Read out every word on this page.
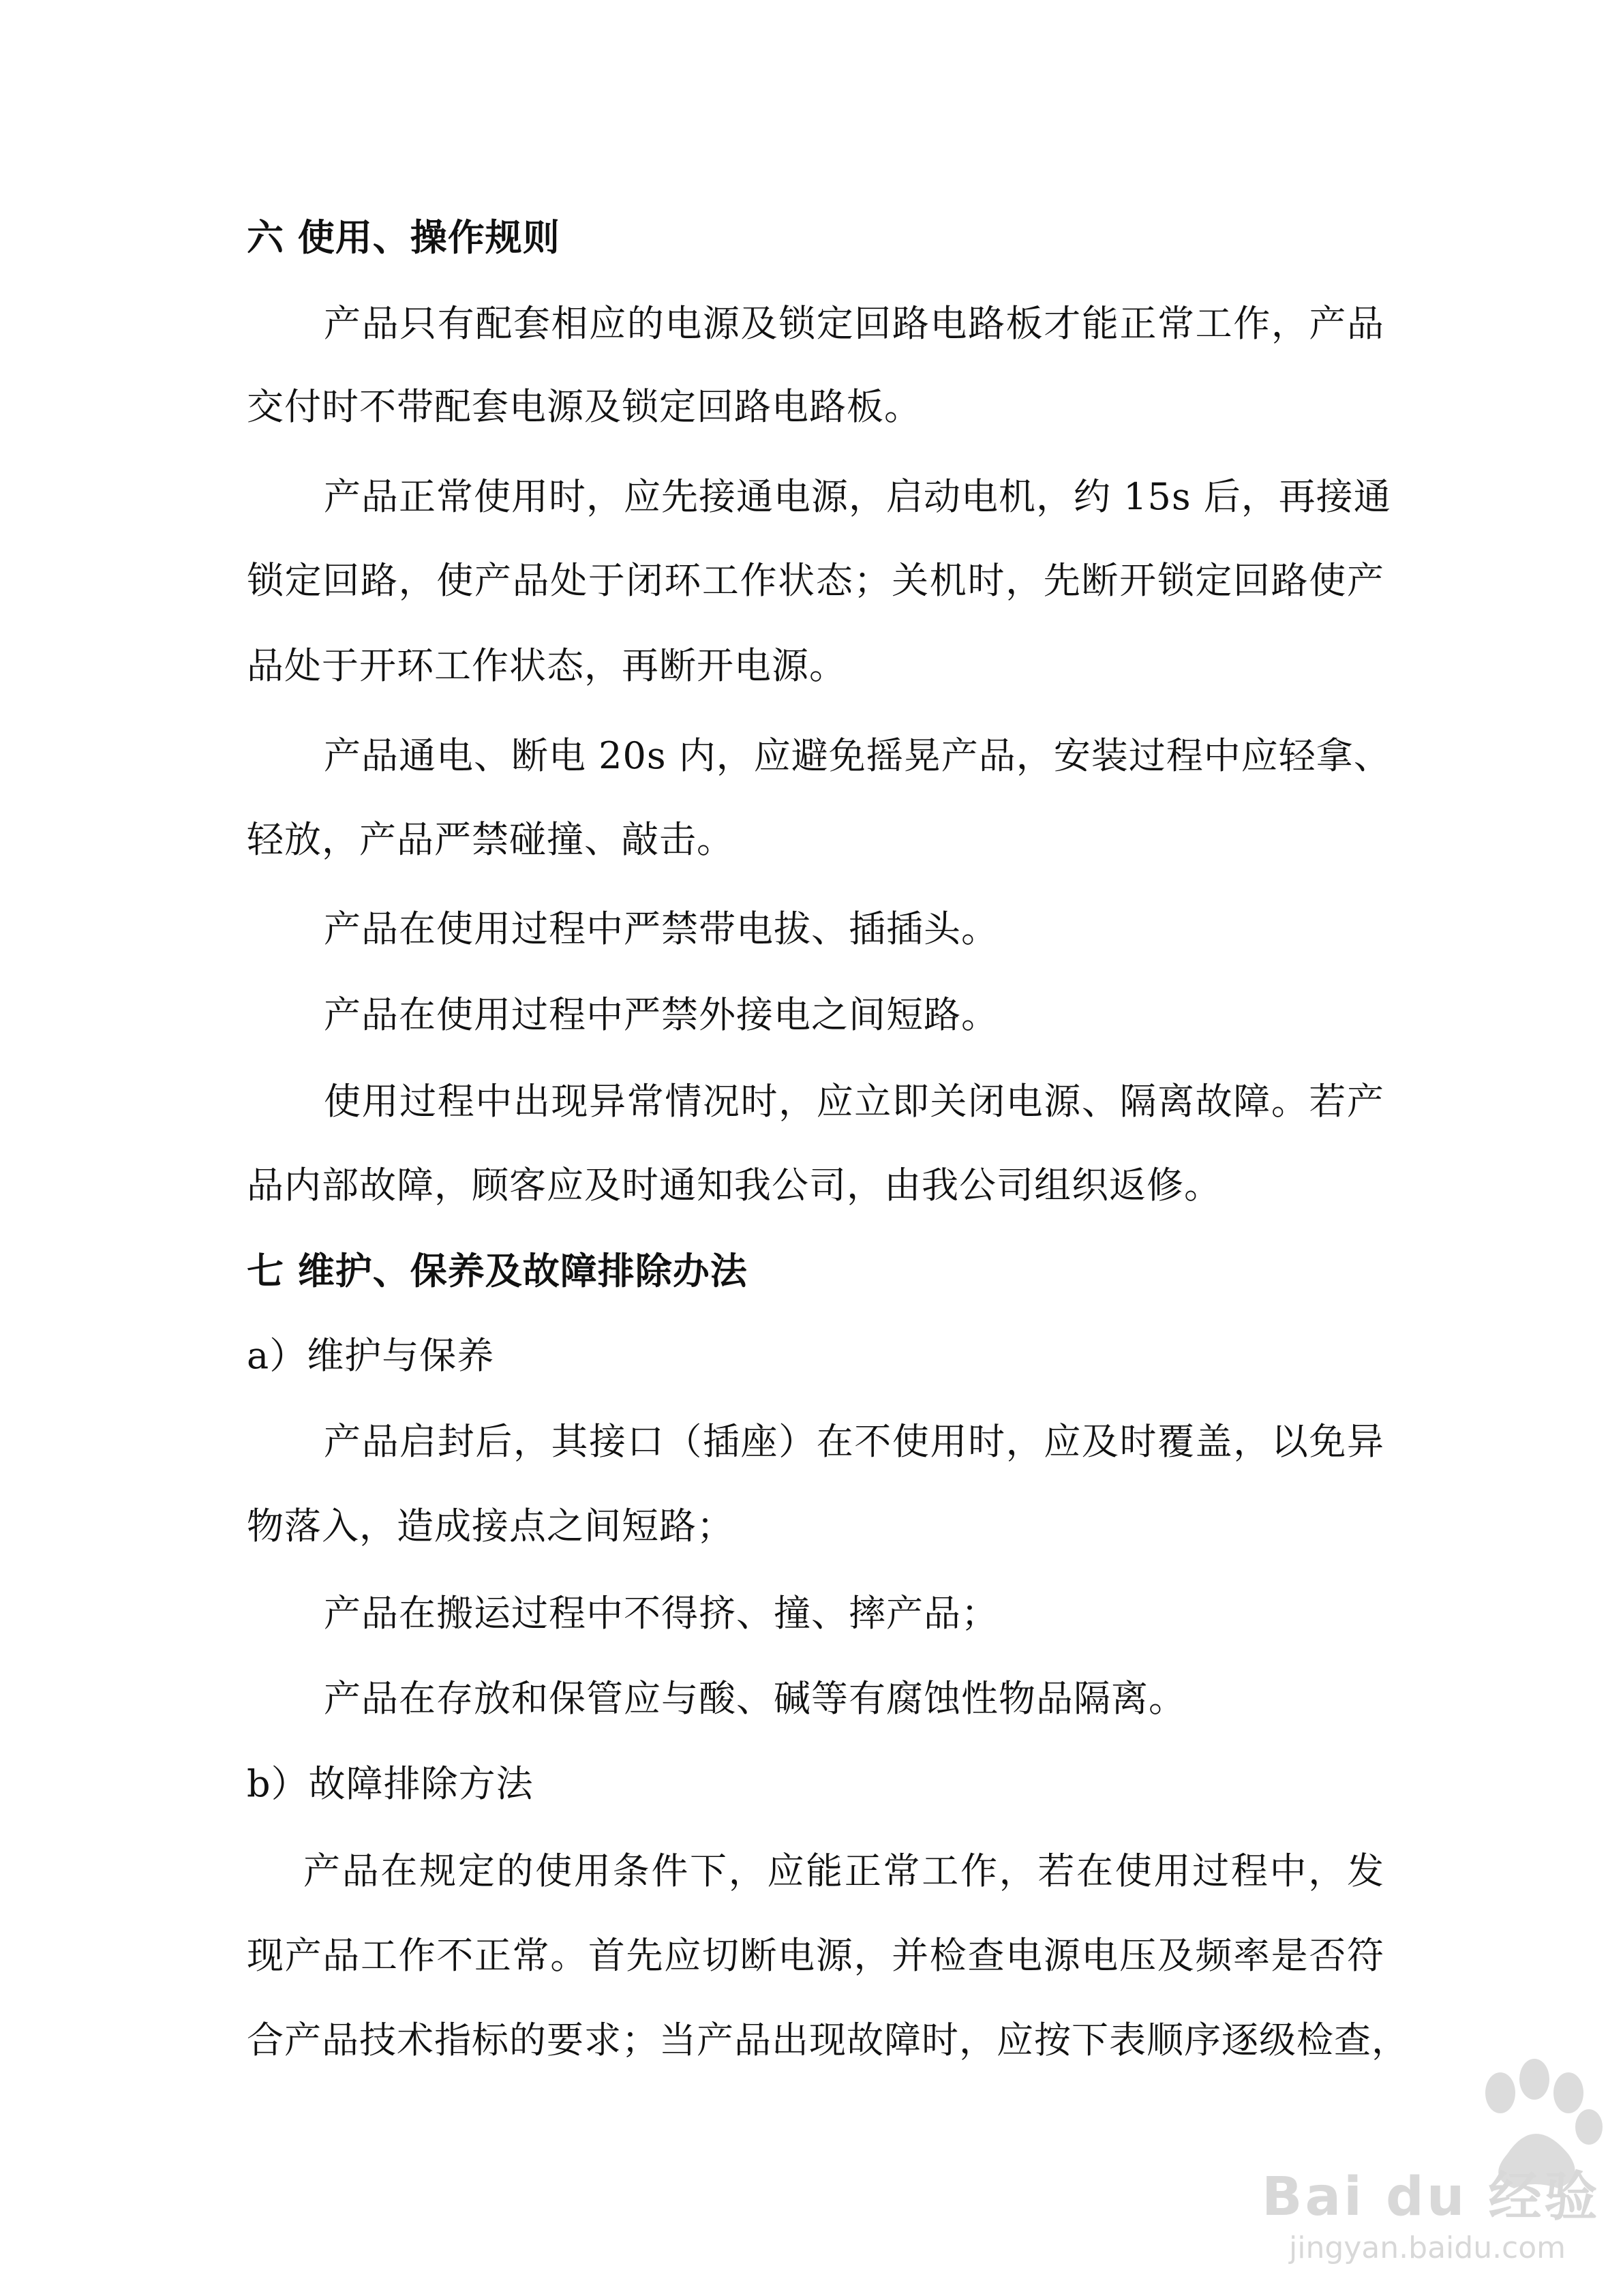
六 使用、操作规则
产品只有配套相应的电源及锁定回路电路板才能正常工作，产品
交付时不带配套电源及锁定回路电路板。
产品正常使用时，应先接通电源，启动电机，约 15s 后，再接通
锁定回路，使产品处于闭环工作状态；关机时，先断开锁定回路使产
品处于开环工作状态，再断开电源。
产品通电、断电 20s 内，应避免摇晃产品，安装过程中应轻拿、
轻放，产品严禁碰撞、敲击。
产品在使用过程中严禁带电拔、插插头。
产品在使用过程中严禁外接电之间短路。
使用过程中出现异常情况时，应立即关闭电源、隔离故障。若产
品内部故障，顾客应及时通知我公司，由我公司组织返修。
七 维护、保养及故障排除办法
a）维护与保养
产品启封后，其接口（插座）在不使用时，应及时覆盖，以免异
物落入，造成接点之间短路；
产品在搬运过程中不得挤、撞、摔产品；
产品在存放和保管应与酸、碱等有腐蚀性物品隔离。
b）故障排除方法
产品在规定的使用条件下，应能正常工作，若在使用过程中，发
现产品工作不正常。首先应切断电源，并检查电源电压及频率是否符
合产品技术指标的要求；当产品出现故障时，应按下表顺序逐级检查，
Bai du 经验
jingyan.baidu.com
